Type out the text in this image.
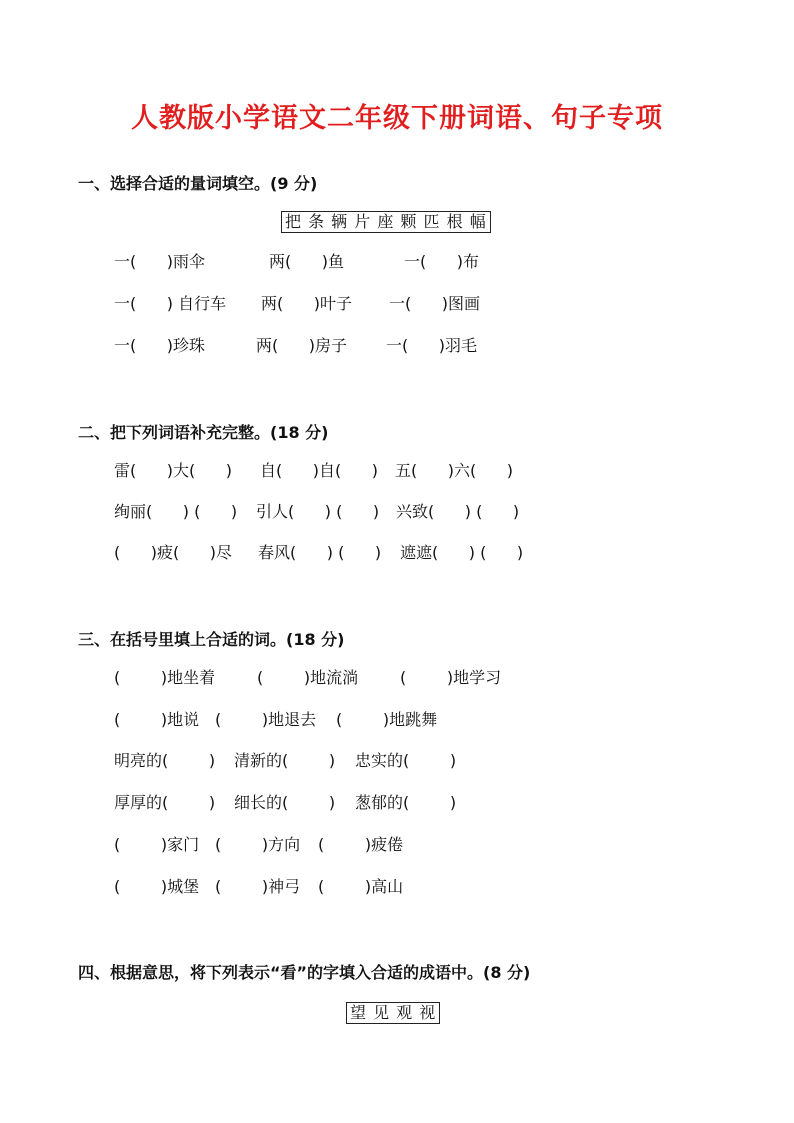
人教版小学语文二年级下册词语、句子专项
一、选择合适的量词填空。(9 分)
把 条 辆 片 座 颗 匹 根 幅
一(      )雨伞	两(      )鱼	一(      )布
一(      ) 自行车 两(      )叶子 一(      )图画
一(      )珍珠	两(      )房子 一(      )羽毛
二、把下列词语补充完整。(18 分)
雷(      )大(      ) 自(      )自(      ) 五(      )六(      )
绚丽(      ) (      ) 引人(      ) (      ) 兴致(      ) (      )
(      )疲(      )尽 春风(      ) (      ) 遮遮(      ) (      )
三、在括号里填上合适的词。(18 分)
(        )地坐着	(        )地流淌	(        )地学习
(        )地说 (        )地退去 (        )地跳舞
明亮的(        ) 清新的(        ) 忠实的(        )
厚厚的(        ) 细长的(        ) 葱郁的(        )
(        )家门 (        )方向 (        )疲倦
(        )城堡 (        )神弓 (        )高山
四、根据意思，将下列表示“看”的字填入合适的成语中。(8 分)
望 见 观 视
